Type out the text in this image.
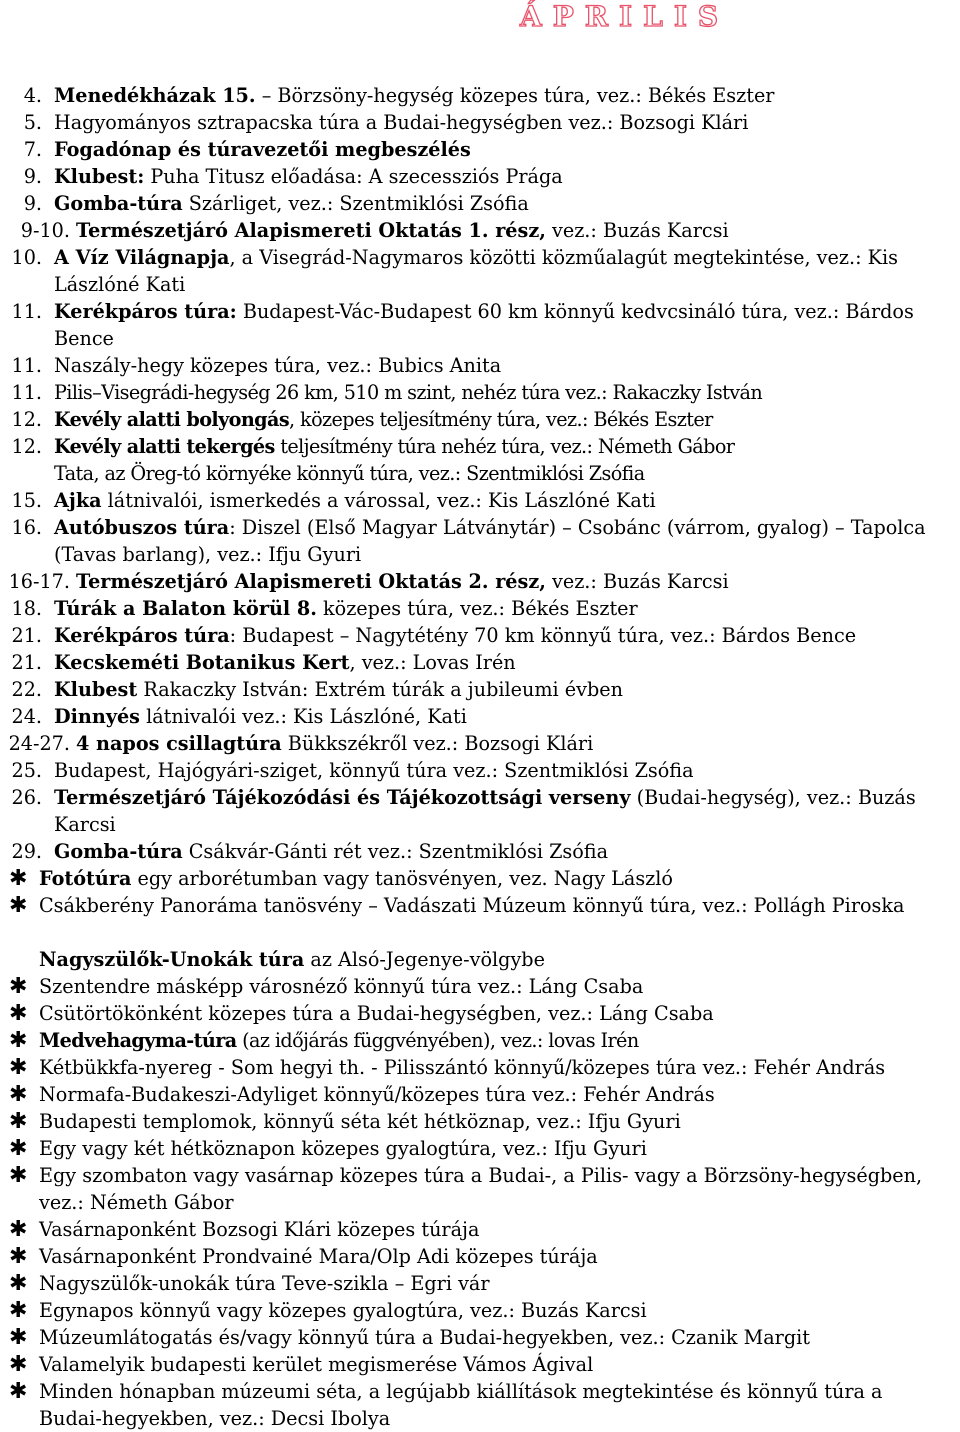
ÁPRILIS
4. Menedékházak 15. – Börzsöny-hegység közepes túra, vez.: Békés Eszter
5. Hagyományos sztrapacska túra a Budai-hegységben vez.: Bozsogi Klári
7. Fogadónap és túravezetői megbeszélés
9. Klubest: Puha Titusz előadása: A szecessziós Prága
9. Gomba-túra Szárliget, vez.: Szentmiklósi Zsófia
9-10. Természetjáró Alapismereti Oktatás 1. rész, vez.: Buzás Karcsi
10. A Víz Világnapja, a Visegrád-Nagymaros közötti közműalagút megtekintése, vez.: Kis Lászlóné Kati
11. Kerékpáros túra: Budapest-Vác-Budapest 60 km könnyű kedvcsináló túra, vez.: Bárdos Bence
11. Naszály-hegy közepes túra, vez.: Bubics Anita
11. Pilis–Visegrádi-hegység 26 km, 510 m szint, nehéz túra vez.: Rakaczky István
12. Kevély alatti bolyongás, közepes teljesítmény túra, vez.: Békés Eszter
12. Kevély alatti tekergés teljesítmény túra nehéz túra, vez.: Németh Gábor
Tata, az Öreg-tó környéke könnyű túra, vez.: Szentmiklósi Zsófia
15. Ajka látnivalói, ismerkedés a várossal, vez.: Kis Lászlóné Kati
16. Autóbuszos túra: Diszel (Első Magyar Látványtár) – Csobánc (várrom, gyalog) – Tapolca (Tavas barlang), vez.: Ifju Gyuri
16-17. Természetjáró Alapismereti Oktatás 2. rész, vez.: Buzás Karcsi
18. Túrák a Balaton körül 8. közepes túra, vez.: Békés Eszter
21. Kerékpáros túra: Budapest – Nagytétény 70 km könnyű túra, vez.: Bárdos Bence
21. Kecskeméti Botanikus Kert, vez.: Lovas Irén
22. Klubest Rakaczky István: Extrém túrák a jubileumi évben
24. Dinnyés látnivalói vez.: Kis Lászlóné, Kati
24-27. 4 napos csillagtúra Bükkszékről vez.: Bozsogi Klári
25. Budapest, Hajógyári-sziget, könnyű túra vez.: Szentmiklósi Zsófia
26. Természetjáró Tájékozódási és Tájékozottsági verseny (Budai-hegység), vez.: Buzás Karcsi
29. Gomba-túra Csákvár-Gánti rét vez.: Szentmiklósi Zsófia
✱ Fotótúra egy arborétumban vagy tanösvényen, vez. Nagy László
✱ Csákberény Panoráma tanösvény – Vadászati Múzeum könnyű túra, vez.: Pollágh Piroska
Nagyszülők-Unokák túra az Alsó-Jegenye-völgybe
✱ Szentendre másképp városnéző könnyű túra vez.: Láng Csaba
✱ Csütörtökönként közepes túra a Budai-hegységben, vez.: Láng Csaba
✱ Medvehagyma-túra (az időjárás függvényében), vez.: lovas Irén
✱ Kétbükkfa-nyereg - Som hegyi th. - Pilisszántó könnyű/közepes túra vez.: Fehér András
✱ Normafa-Budakeszi-Adyliget könnyű/közepes túra vez.: Fehér András
✱ Budapesti templomok, könnyű séta két hétköznap, vez.: Ifju Gyuri
✱ Egy vagy két hétköznapon közepes gyalogtúra, vez.: Ifju Gyuri
✱ Egy szombaton vagy vasárnap közepes túra a Budai-, a Pilis- vagy a Börzsöny-hegységben, vez.: Németh Gábor
✱ Vasárnaponként Bozsogi Klári közepes túrája
✱ Vasárnaponként Prondvainé Mara/Olp Adi közepes túrája
✱ Nagyszülők-unokák túra Teve-szikla – Egri vár
✱ Egynapos könnyű vagy közepes gyalogtúra, vez.: Buzás Karcsi
✱ Múzeumlátogatás és/vagy könnyű túra a Budai-hegyekben, vez.: Czanik Margit
✱ Valamelyik budapesti kerület megismerése Vámos Ágival
✱ Minden hónapban múzeumi séta, a legújabb kiállítások megtekintése és könnyű túra a Budai-hegyekben, vez.: Decsi Ibolya
